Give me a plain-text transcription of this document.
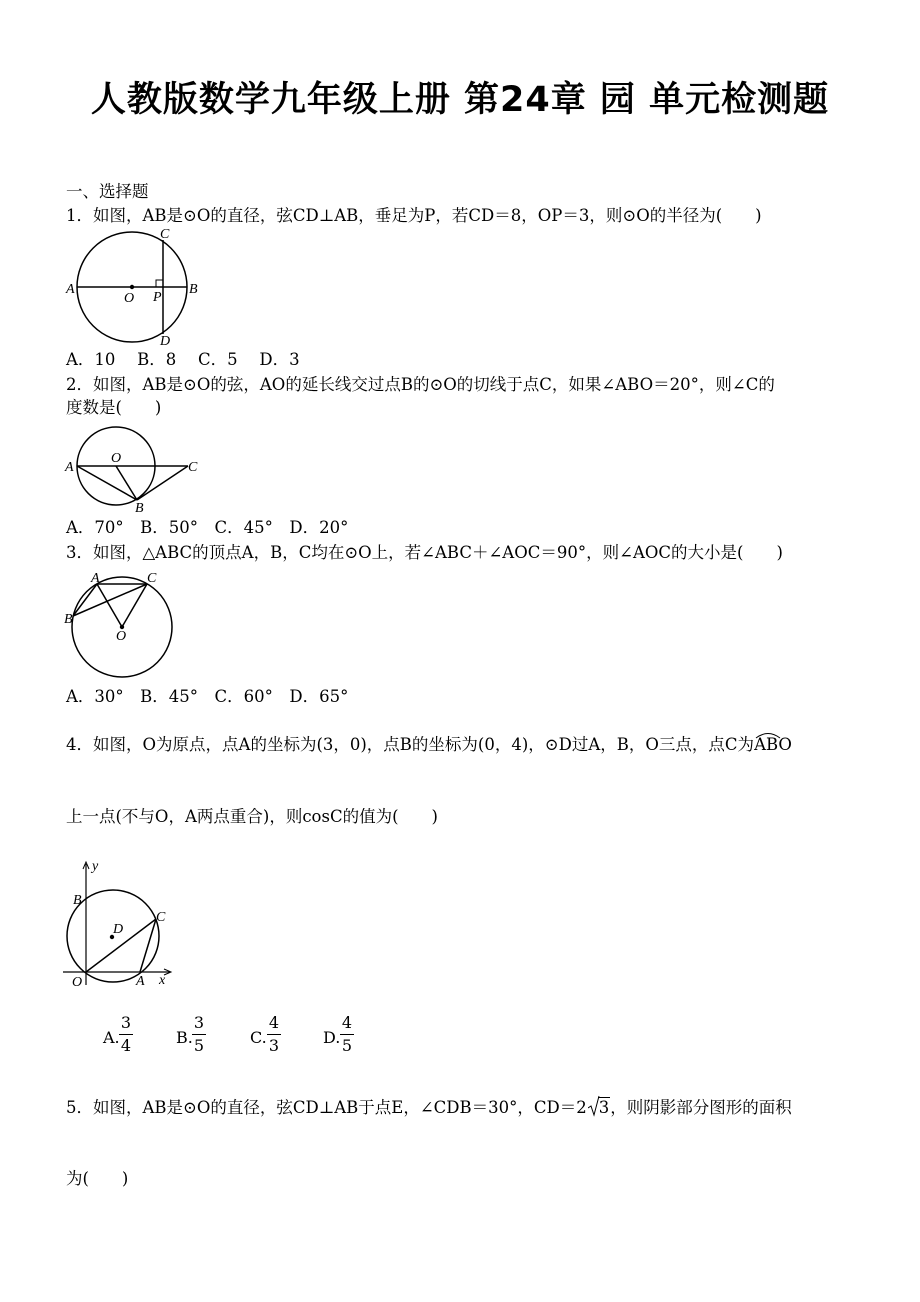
人教版数学九年级上册 第24章 园 单元检测题
一、选择题
1．如图，AB是⊙O的直径，弦CD⊥AB，垂足为P，若CD＝8，OP＝3，则⊙O的半径为(　　)
A	B
C
D
O P
A．10　 B．8　 C．5　 D．3
2．如图，AB是⊙O的弦，AO的延长线交过点B的⊙O的切线于点C，如果∠ABO＝20°，则∠C的
度数是(　　)
A
O
B
C
A．70°　B．50°　C．45°　D．20°
3．如图，△ABC的顶点A，B，C均在⊙O上，若∠ABC＋∠AOC＝90°，则∠AOC的大小是(　　)
A	C
B
O
A．30°　B．45°　C．60°　D．65°
4．如图，O为原点，点A的坐标为(3，0)，点B的坐标为(0，4)，⊙D过A，B，O三点，点C为
ABO
上一点(不与O，A两点重合)，则cosC的值为(　　)
y
x
B
C
D
O	A
A.
3
4	B.
3
5	C.
4
3	D.
4
5
5．如图，AB是⊙O的直径，弦CD⊥AB于点E，∠CDB＝30°，CD＝2 3，则阴影部分图形的面积
为(　　)
